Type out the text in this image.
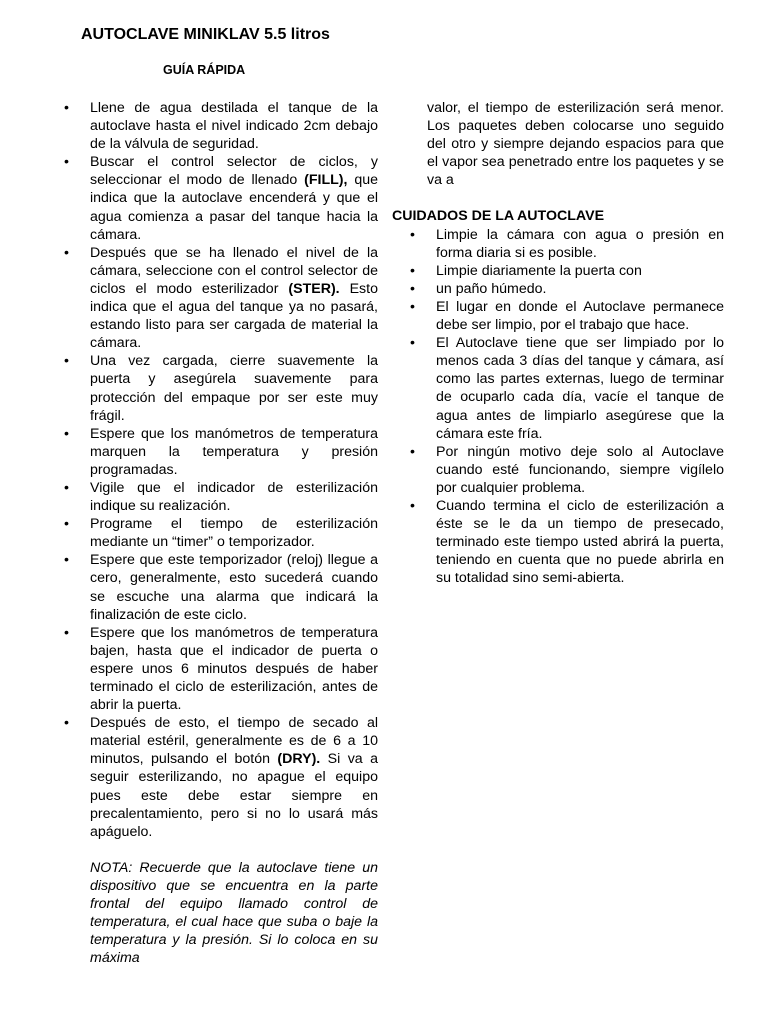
AUTOCLAVE MINIKLAV 5.5 litros
GUÍA RÁPIDA
•	Llene de agua destilada el tanque de la autoclave hasta el nivel indicado 2cm debajo de la válvula de seguridad.
•	Buscar el control selector de ciclos, y seleccionar el modo de llenado (FILL), que indica que la autoclave encenderá y que el agua comienza a pasar del tanque hacia la cámara.
•	Después que se ha llenado el nivel de la cámara, seleccione con el control selector de ciclos el modo esterilizador (STER). Esto indica que el agua del tanque ya no pasará, estando listo para ser cargada de material la cámara.
•	Una vez cargada, cierre suavemente la puerta y asegúrela suavemente para protección del empaque por ser este muy frágil.
•	Espere que los manómetros de temperatura marquen la temperatura y presión programadas.
•	Vigile que el indicador de esterilización indique su realización.
•	Programe el tiempo de esterilización mediante un “timer” o temporizador.
•	Espere que este temporizador (reloj) llegue a cero, generalmente, esto sucederá cuando se escuche una alarma que indicará la finalización de este ciclo.
•	Espere que los manómetros de temperatura bajen, hasta que el indicador de puerta o espere unos 6 minutos después de haber terminado el ciclo de esterilización, antes de abrir la puerta.
•	Después de esto, el tiempo de secado al material estéril, generalmente es de 6 a 10 minutos, pulsando el botón (DRY). Si va a seguir esterilizando, no apague el equipo pues este debe estar siempre en precalentamiento, pero si no lo usará más apáguelo.

NOTA: Recuerde que la autoclave tiene un dispositivo que se encuentra en la parte frontal del equipo llamado control de temperatura, el cual hace que suba o baje la temperatura y la presión. Si lo coloca en su máxima

valor, el tiempo de esterilización será menor. Los paquetes deben colocarse uno seguido del otro y siempre dejando espacios para que el vapor sea penetrado entre los paquetes y se va a

CUIDADOS DE LA AUTOCLAVE
•	Limpie la cámara con agua o presión en forma diaria si es posible.
•	Limpie diariamente la puerta con
•	un paño húmedo.
•	El lugar en donde el Autoclave permanece debe ser limpio, por el trabajo que hace.
•	El Autoclave tiene que ser limpiado por lo menos cada 3 días del tanque y cámara, así como las partes externas, luego de terminar de ocuparlo cada día, vacíe el tanque de agua antes de limpiarlo asegúrese que la cámara este fría.
•	Por ningún motivo deje solo al Autoclave cuando esté funcionando, siempre vigílelo por cualquier problema.
•	Cuando termina el ciclo de esterilización a éste se le da un tiempo de presecado, terminado este tiempo usted abrirá la puerta, teniendo en cuenta que no puede abrirla en su totalidad sino semi-abierta.
